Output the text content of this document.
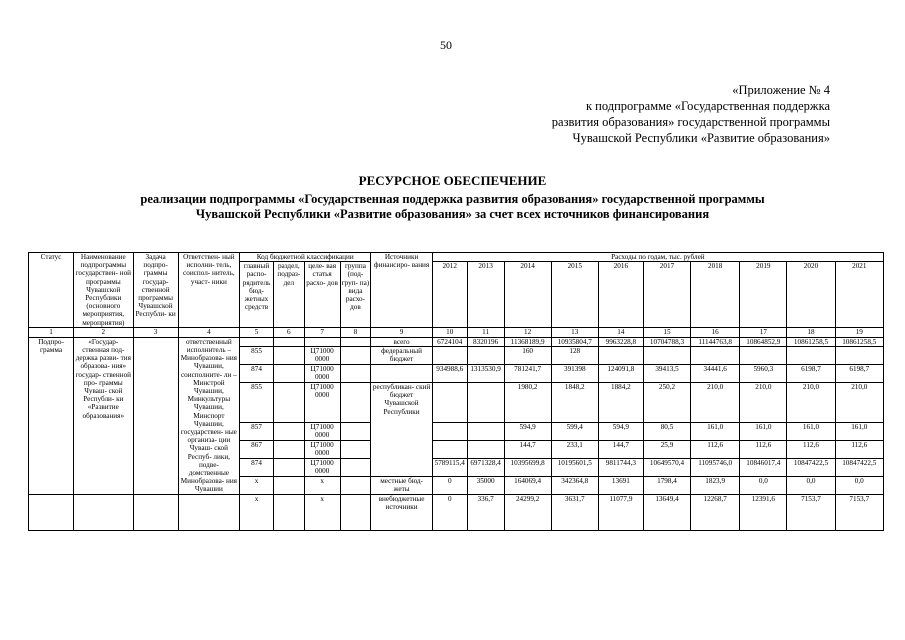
50
«Приложение № 4
к подпрограмме «Государственная поддержка
развития образования» государственной программы
Чувашской Республики «Развитие образования»
РЕСУРСНОЕ ОБЕСПЕЧЕНИЕ
реализации подпрограммы «Государственная поддержка развития образования» государственной программы
Чувашской Республики «Развитие образования» за счет всех источников финансирования
Статус	Наименование подпрограммы государствен- ной программы Чувашской Республики (основного мероприятия, мероприятия)	Задача подпро- граммы государ- ственной программы Чувашской Республи- ки	Ответствен- ный исполни- тель, соиспол- нитель, участ- ники	Код бюджетной классификации				Источники финансиро- вания	Расходы по годам, тыс. рублей									
				главный распо- рядитель бюд- жетных средств	раздел, подраз- дел	целе- вая статья расхо- дов	группа (под- груп- па) вида расхо- дов		2012	2013	2014	2015	2016	2017	2018	2019	2020	2021

1	2	3	4	5	6	7	8	9	10	11	12	13	14	15	16	17	18	19
Подпро- грамма	«Государ- ственная под- держка разви- тия образова- ния» государ- ственной про- граммы Чуваш- ской Республи- ки «Развитие образования»		ответственный исполнитель – Минобразова- ния Чувашии, соисполните- ли – Минстрой Чувашии, Минкультуры Чувашии, Минспорт Чувашии, государствен- ные организа- ции Чуваш- ской Респуб- лики, подве- домственные Минобразова- ния Чувашии					всего	6724104	8320196	11368189,9	10935804,7	9963228,8	10704788,3	11144763,8	10864852,9	10861258,5	10861258,5
				855		Ц71000 0000		федеральный бюджет			160	128						
				874		Ц71000 0000			934988,6	1313530,9	781241,7	391398	124091,8	39413,5	34441,6	5960,3	6198,7	6198,7
				855		Ц71000 0000		республикан- ский бюджет Чувашской Республики			1980,2	1848,2	1884,2	250,2	210,0	210,0	210,0	210,0
				857		Ц71000 0000					594,9	599,4	594,9	80,5	161,0	161,0	161,0	161,0
				867		Ц71000 0000					144,7	233,1	144,7	25,9	112,6	112,6	112,6	112,6
				874		Ц71000 0000			5789115,4	6971328,4	10395699,8	10195601,5	9811744,3	10649570,4	11095746,0	10846017,4	10847422,5	10847422,5
				x		x		местные бюд- жеты	0	35000	164069,4	342364,8	13691	1798,4	1823,9	0,0	0,0	0,0
				x		x		внебюджетные источники	0	336,7	24299,2	3631,7	11077,9	13649,4	12268,7	12391,6	7153,7	7153,7
